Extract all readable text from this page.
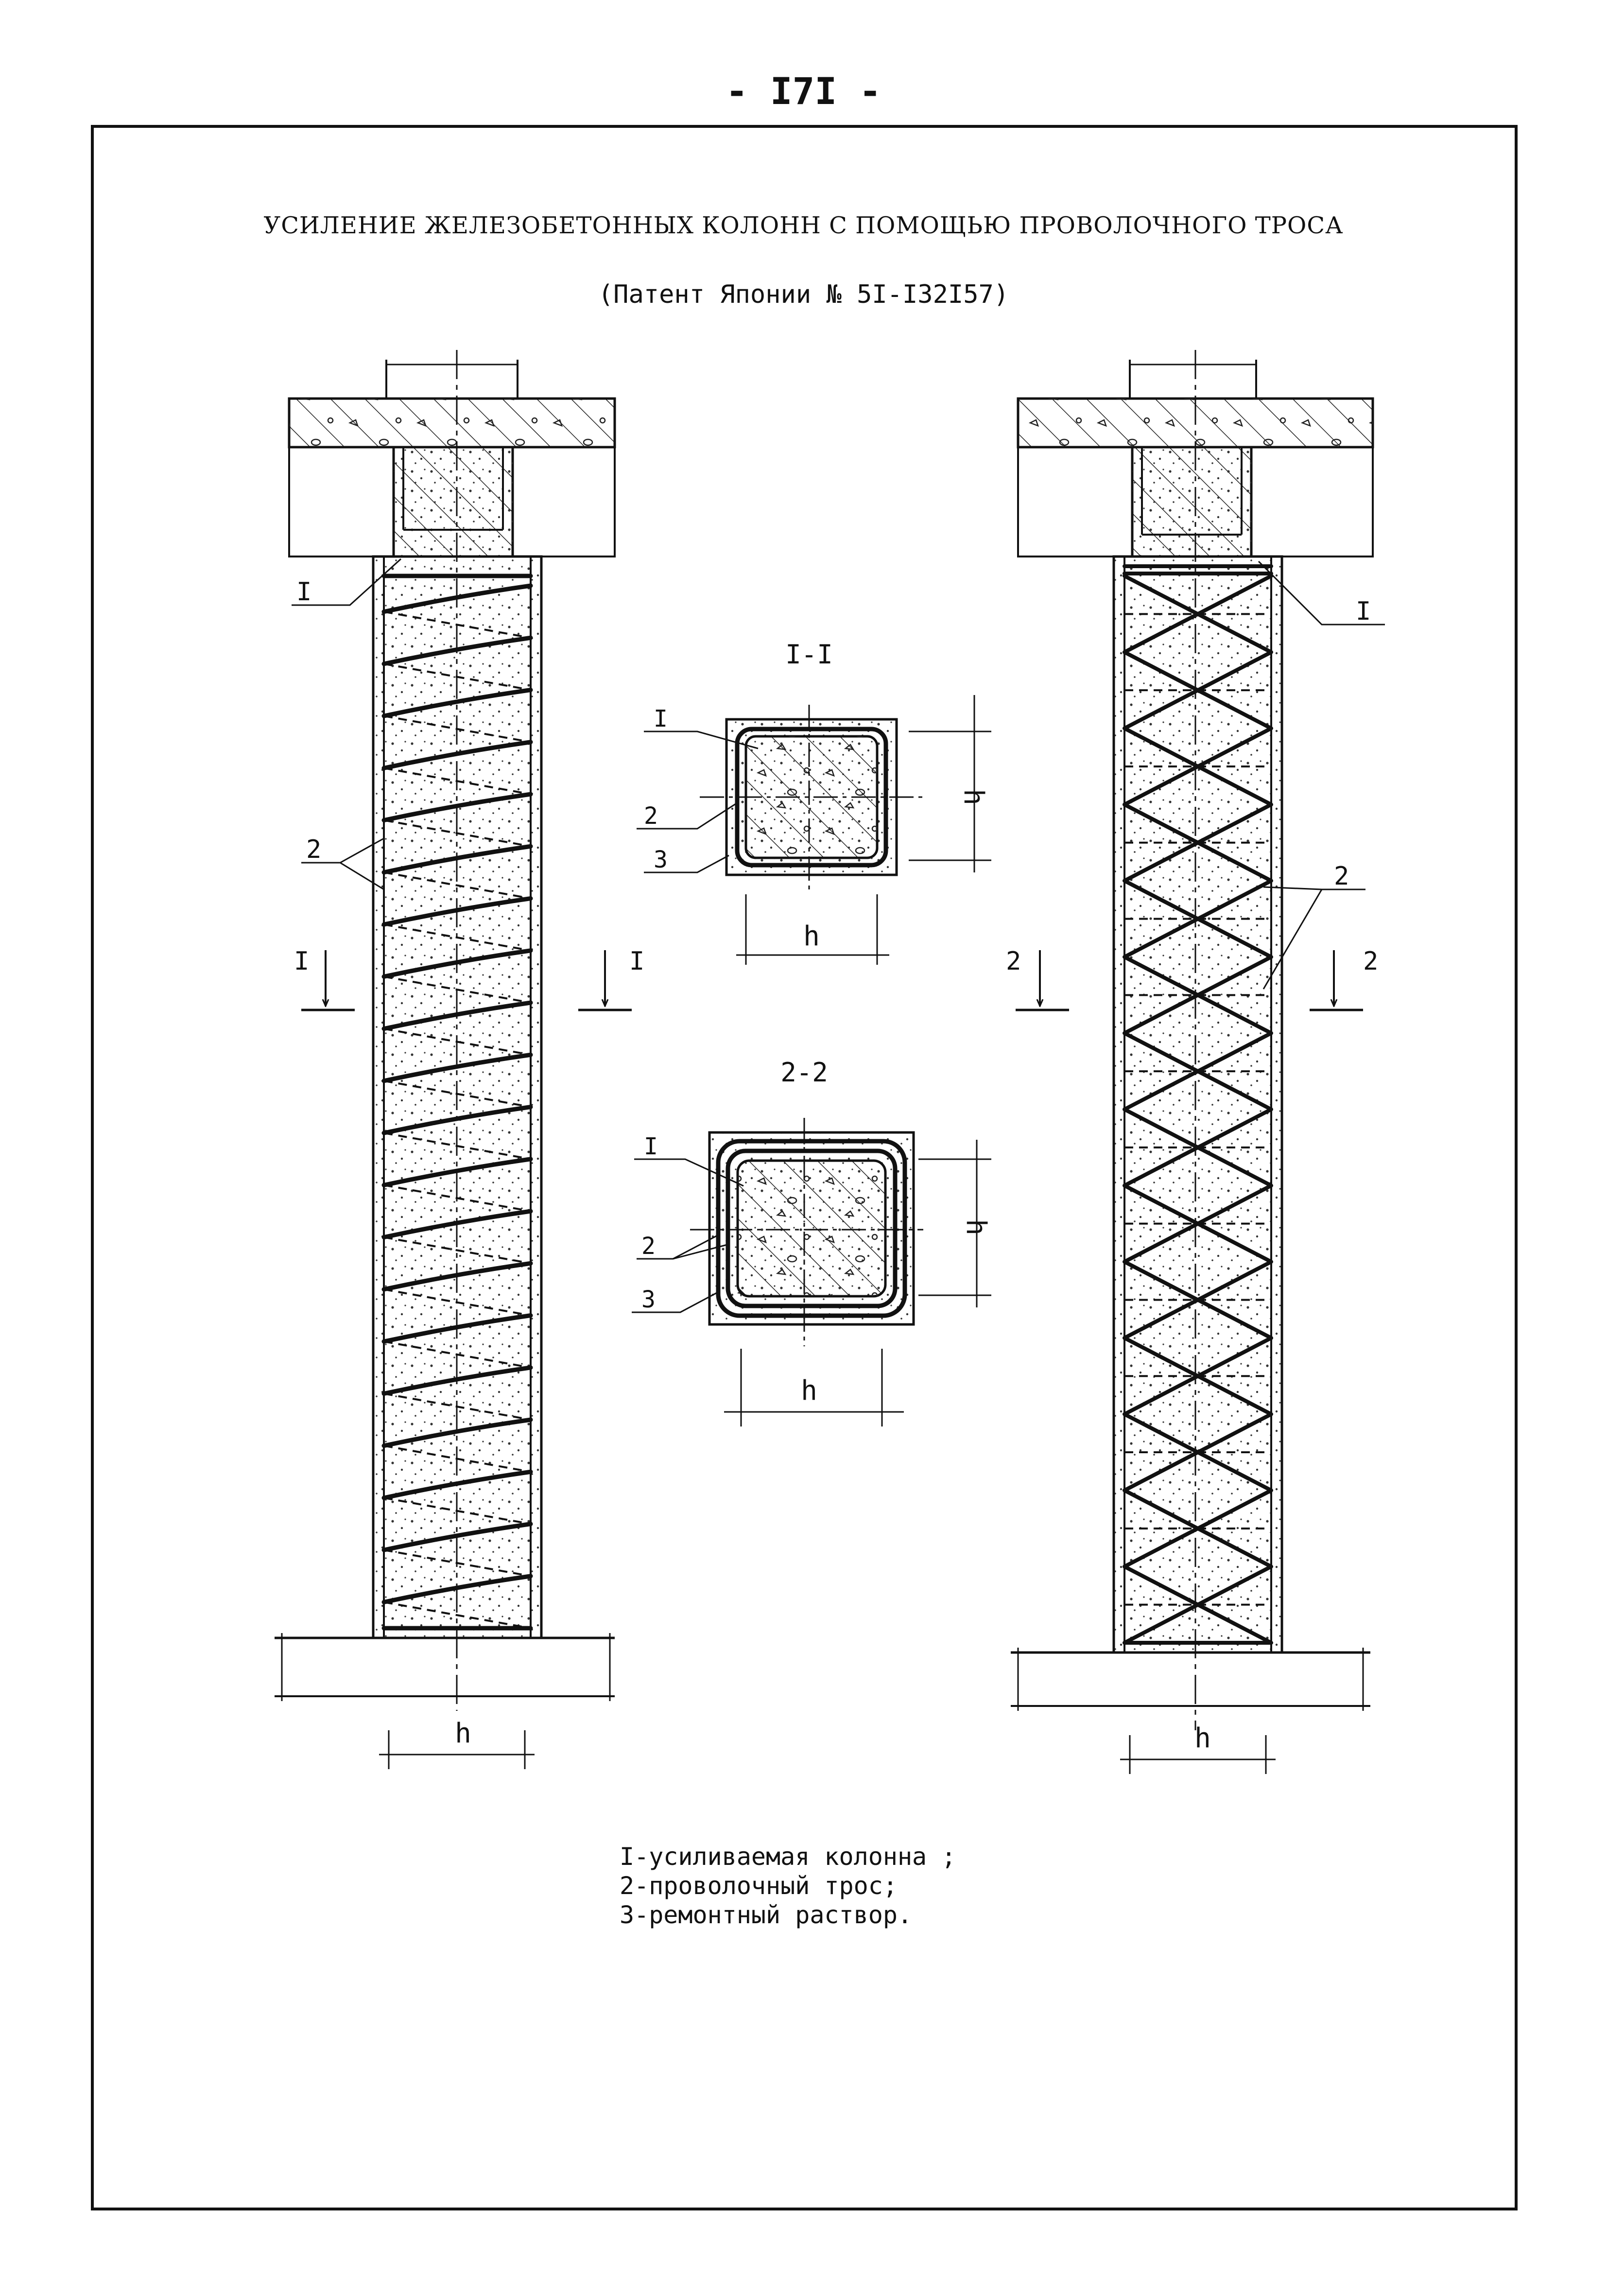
- I7I -
УСИЛЕНИЕ ЖЕЛЕЗОБЕТОННЫХ КОЛОНН С ПОМОЩЬЮ ПРОВОЛОЧНОГО ТРОСА
(Патент Японии № 5I-I32I57)
h
I
2
I	I
h
I
2
2	2
I-I
I
2
3
h
h
2-2
I
2
3
h
h
I-усиливаемая колонна ;
2-проволочный трос;
3-ремонтный раствор.
